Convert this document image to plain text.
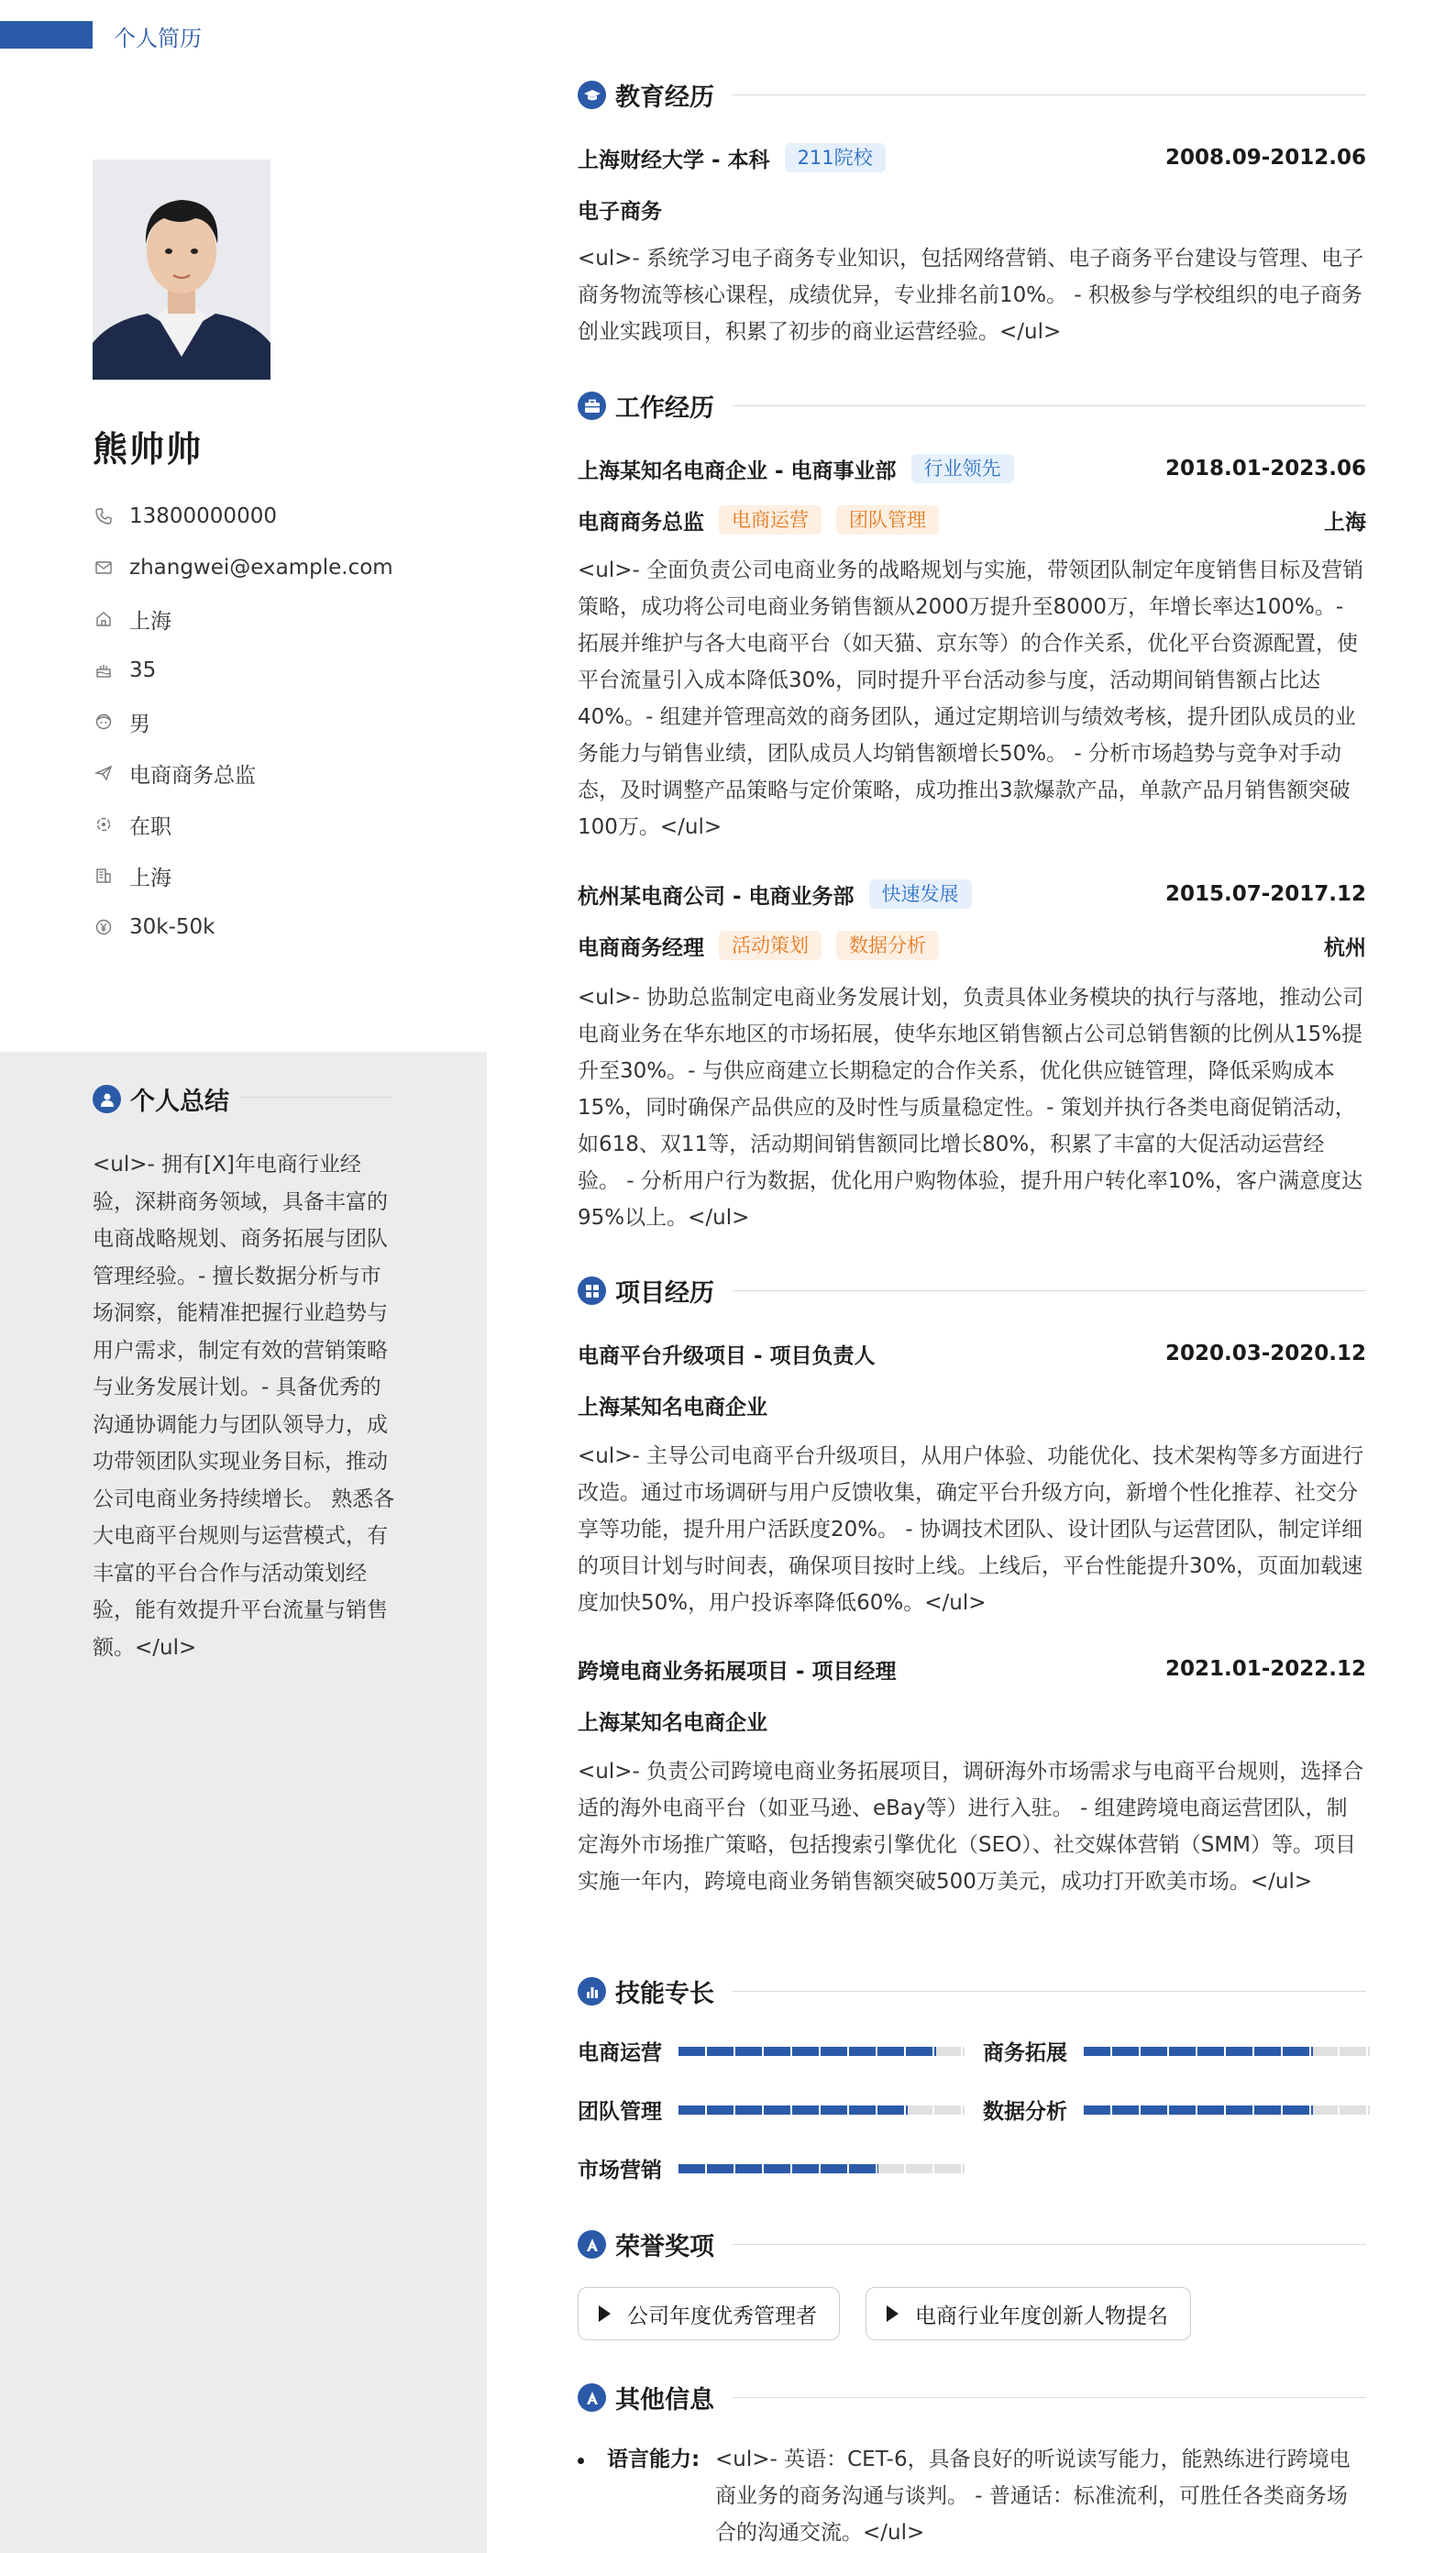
个人简历
熊帅帅
13800000000
zhangwei@example.com
上海
35
男
电商商务总监
在职
上海
30k-50k
个人总结
<ul>- 拥有[X]年电商行业经验，深耕商务领域，具备丰富的电商战略规划、商务拓展与团队管理经验。- 擅长数据分析与市场洞察，能精准把握行业趋势与用户需求，制定有效的营销策略与业务发展计划。- 具备优秀的沟通协调能力与团队领导力，成功带领团队实现业务目标，推动公司电商业务持续增长。 熟悉各大电商平台规则与运营模式，有丰富的平台合作与活动策划经验，能有效提升平台流量与销售额。</ul>
教育经历
上海财经大学 - 本科	211院校	2008.09-2012.06
电子商务
<ul>- 系统学习电子商务专业知识，包括网络营销、电子商务平台建设与管理、电子商务物流等核心课程，成绩优异，专业排名前10%。 - 积极参与学校组织的电子商务创业实践项目，积累了初步的商业运营经验。</ul>
工作经历
上海某知名电商企业 - 电商事业部	行业领先	2018.01-2023.06
电商商务总监	电商运营	团队管理	上海
<ul>- 全面负责公司电商业务的战略规划与实施，带领团队制定年度销售目标及营销策略，成功将公司电商业务销售额从2000万提升至8000万，年增长率达100%。- 拓展并维护与各大电商平台（如天猫、京东等）的合作关系，优化平台资源配置，使平台流量引入成本降低30%，同时提升平台活动参与度，活动期间销售额占比达40%。- 组建并管理高效的商务团队，通过定期培训与绩效考核，提升团队成员的业务能力与销售业绩，团队成员人均销售额增长50%。 - 分析市场趋势与竞争对手动态，及时调整产品策略与定价策略，成功推出3款爆款产品，单款产品月销售额突破100万。</ul>
杭州某电商公司 - 电商业务部	快速发展	2015.07-2017.12
电商商务经理	活动策划	数据分析	杭州
<ul>- 协助总监制定电商业务发展计划，负责具体业务模块的执行与落地，推动公司电商业务在华东地区的市场拓展，使华东地区销售额占公司总销售额的比例从15%提升至30%。- 与供应商建立长期稳定的合作关系，优化供应链管理，降低采购成本15%，同时确保产品供应的及时性与质量稳定性。- 策划并执行各类电商促销活动，如618、双11等，活动期间销售额同比增长80%，积累了丰富的大促活动运营经验。 - 分析用户行为数据，优化用户购物体验，提升用户转化率10%，客户满意度达95%以上。</ul>
项目经历
电商平台升级项目 - 项目负责人	2020.03-2020.12
上海某知名电商企业
<ul>- 主导公司电商平台升级项目，从用户体验、功能优化、技术架构等多方面进行改造。通过市场调研与用户反馈收集，确定平台升级方向，新增个性化推荐、社交分享等功能，提升用户活跃度20%。 - 协调技术团队、设计团队与运营团队，制定详细的项目计划与时间表，确保项目按时上线。上线后，平台性能提升30%，页面加载速度加快50%，用户投诉率降低60%。</ul>
跨境电商业务拓展项目 - 项目经理	2021.01-2022.12
上海某知名电商企业
<ul>- 负责公司跨境电商业务拓展项目，调研海外市场需求与电商平台规则，选择合适的海外电商平台（如亚马逊、eBay等）进行入驻。 - 组建跨境电商运营团队，制定海外市场推广策略，包括搜索引擎优化（SEO）、社交媒体营销（SMM）等。项目实施一年内，跨境电商业务销售额突破500万美元，成功打开欧美市场。</ul>
技能专长
电商运营	商务拓展
团队管理	数据分析
市场营销
荣誉奖项
公司年度优秀管理者	电商行业年度创新人物提名
其他信息
语言能力: <ul>- 英语：CET-6，具备良好的听说读写能力，能熟练进行跨境电商业务的商务沟通与谈判。 - 普通话：标准流利，可胜任各类商务场合的沟通交流。</ul>
